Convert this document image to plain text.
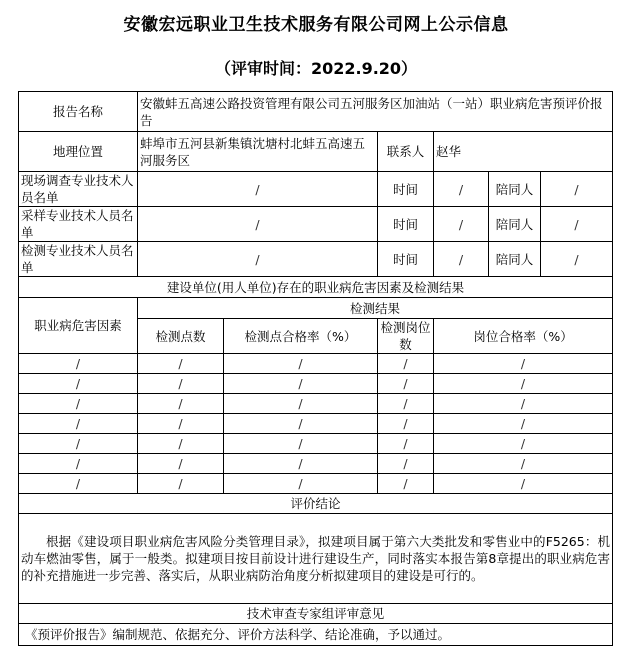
安徽宏远职业卫生技术服务有限公司网上公示信息
（评审时间：2022.9.20）
报告名称	安徽蚌五高速公路投资管理有限公司五河服务区加油站（一站）职业病危害预评价报告					
地理位置	蚌埠市五河县新集镇沈塘村北蚌五高速五河服务区		联系人	赵华		
现场调查专业技术人员名单	/		时间	/	陪同人	/
采样专业技术人员名单	/		时间	/	陪同人	/
检测专业技术人员名单	/		时间	/	陪同人	/
建设单位(用人单位)存在的职业病危害因素及检测结果						
职业病危害因素	检测结果					
	检测点数	检测点合格率（%）	检测岗位数	岗位合格率（%）		
/	/	/	/	/		
/	/	/	/	/		
/	/	/	/	/		
/	/	/	/	/		
/	/	/	/	/		
/	/	/	/	/		
/	/	/	/	/		
评价结论						
根据《建设项目职业病危害风险分类管理目录》，拟建项目属于第六大类批发和零售业中的F5265：机动车燃油零售，属于一般类。拟建项目按目前设计进行建设生产，同时落实本报告第8章提出的职业病危害的补充措施进一步完善、落实后，从职业病防治角度分析拟建项目的建设是可行的。						
技术审查专家组评审意见						
《预评价报告》编制规范、依据充分、评价方法科学、结论准确，予以通过。						
